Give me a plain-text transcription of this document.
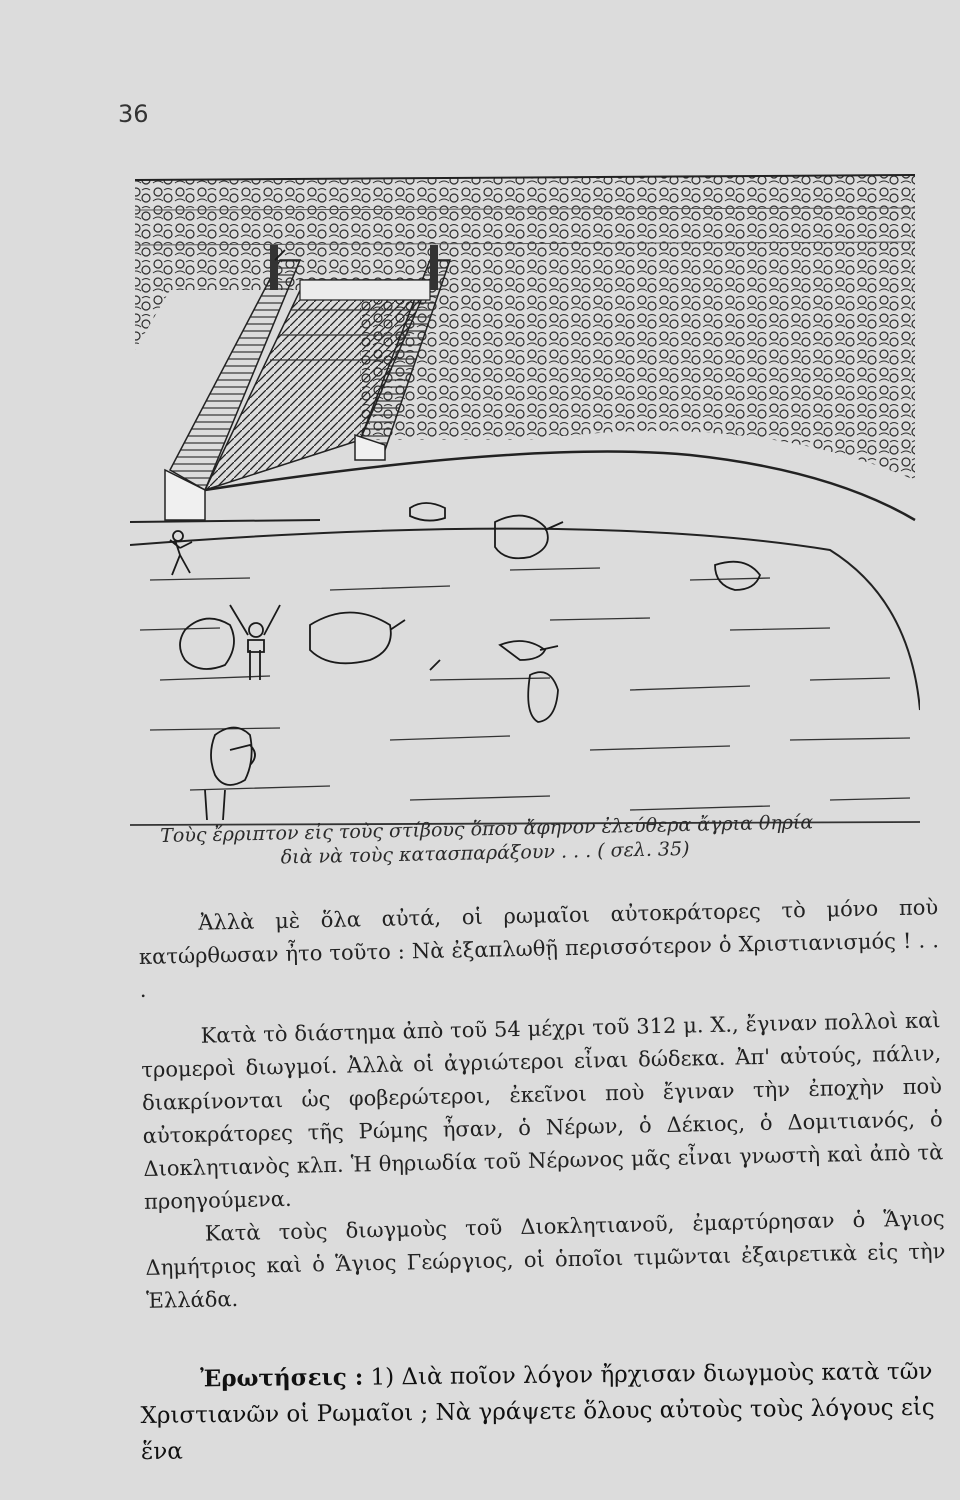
36
Τοὺς ἔρριπτον εἰς τοὺς στίβους ὅπου ἄφηνον ἐλεύθερα ἄγρια θηρία
διὰ νὰ τοὺς κατασπαράξουν . . . ( σελ. 35)

Ἀλλὰ μὲ ὅλα αὐτά, οἱ ρωμαῖοι αὐτοκράτορες τὸ μόνο ποὺ κατώρθωσαν ἦτο τοῦτο : Νὰ ἐξαπλωθῇ περισσότερον ὁ Χριστιανισμός ! . . .

Κατὰ τὸ διάστημα ἀπὸ τοῦ 54 μέχρι τοῦ 312 μ. Χ., ἔγιναν πολλοὶ καὶ τρομεροὶ διωγμοί. Ἀλλὰ οἱ ἀγριώτεροι εἶναι δώδεκα. Ἀπ' αὐτούς, πάλιν, διακρίνονται ὡς φοβερώτεροι, ἐκεῖνοι ποὺ ἔγιναν τὴν ἐποχὴν ποὺ αὐτοκράτορες τῆς Ρώμης ἦσαν, ὁ Νέρων, ὁ Δέκιος, ὁ Δομιτιανός, ὁ Διοκλητιανὸς κλπ. Ἡ θηριωδία τοῦ Νέρωνος μᾶς εἶναι γνωστὴ καὶ ἀπὸ τὰ προηγούμενα.

Κατὰ τοὺς διωγμοὺς τοῦ Διοκλητιανοῦ, ἐμαρτύρησαν ὁ Ἅγιος Δημήτριος καὶ ὁ Ἅγιος Γεώργιος, οἱ ὁποῖοι τιμῶνται ἐξαιρετικὰ εἰς τὴν Ἑλλάδα.

Ἐρωτήσεις : 1) Διὰ ποῖον λόγον ἤρχισαν διωγμοὺς κατὰ τῶν Χριστιανῶν οἱ Ρωμαῖοι ; Νὰ γράψετε ὅλους αὐτοὺς τοὺς λόγους εἰς ἕνα
